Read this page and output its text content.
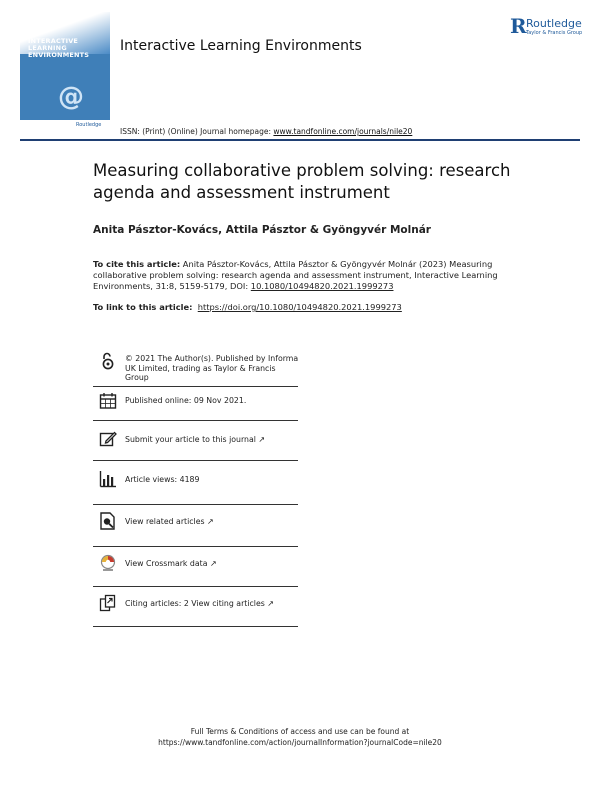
INTERACTIVE
LEARNING
ENVIRONMENTS
@
Routledge
Interactive Learning Environments
R Routledge
Taylor & Francis Group
ISSN: (Print) (Online) Journal homepage: www.tandfonline.com/journals/nile20
Measuring collaborative problem solving: research agenda and assessment instrument
Anita Pásztor-Kovács, Attila Pásztor & Gyöngyvér Molnár
To cite this article: Anita Pásztor-Kovács, Attila Pásztor & Gyöngyvér Molnár (2023) Measuring collaborative problem solving: research agenda and assessment instrument, Interactive Learning Environments, 31:8, 5159-5179, DOI: 10.1080/10494820.2021.1999273
To link to this article: https://doi.org/10.1080/10494820.2021.1999273
© 2021 The Author(s). Published by Informa UK Limited, trading as Taylor & Francis Group
Published online: 09 Nov 2021.
Submit your article to this journal ↗
Article views: 4189
View related articles ↗
View Crossmark data ↗
Citing articles: 2 View citing articles ↗
Full Terms & Conditions of access and use can be found at
https://www.tandfonline.com/action/journalInformation?journalCode=nile20
